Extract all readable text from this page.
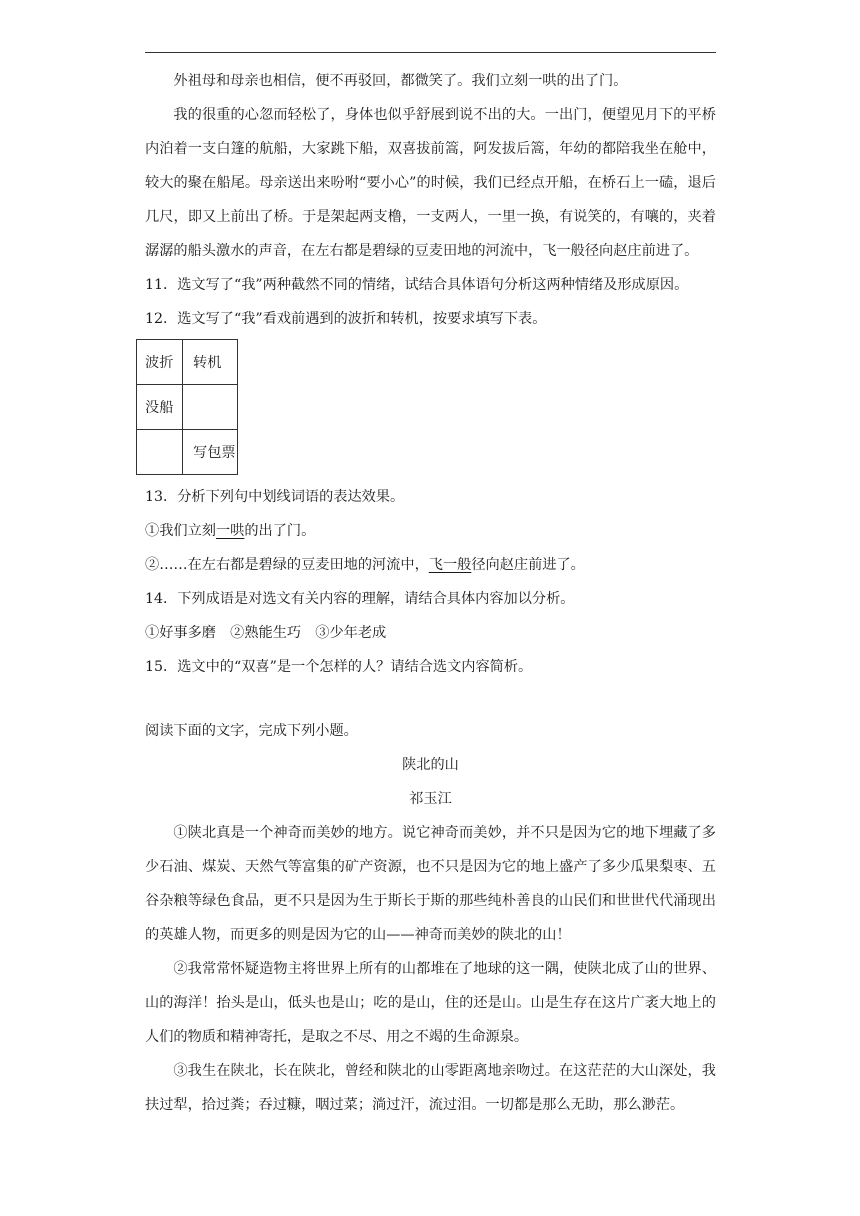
外祖母和母亲也相信，便不再驳回，都微笑了。我们立刻一哄的出了门。

我的很重的心忽而轻松了，身体也似乎舒展到说不出的大。一出门，便望见月下的平桥内泊着一支白篷的航船，大家跳下船，双喜拔前篙，阿发拔后篙，年幼的都陪我坐在舱中，较大的聚在船尾。母亲送出来吩咐“要小心”的时候，我们已经点开船，在桥石上一磕，退后几尺，即又上前出了桥。于是架起两支橹，一支两人，一里一换，有说笑的，有嚷的，夹着潺潺的船头激水的声音，在左右都是碧绿的豆麦田地的河流中，飞一般径向赵庄前进了。

11．选文写了“我”两种截然不同的情绪，试结合具体语句分析这两种情绪及形成原因。

12．选文写了“我”看戏前遇到的波折和转机，按要求填写下表。

波折	转机
没船	
	写包票

13．分析下列句中划线词语的表达效果。

①我们立刻一哄的出了门。

②……在左右都是碧绿的豆麦田地的河流中，飞一般径向赵庄前进了。

14．下列成语是对选文有关内容的理解，请结合具体内容加以分析。

①好事多磨　②熟能生巧　③少年老成

15．选文中的“双喜”是一个怎样的人？请结合选文内容简析。

阅读下面的文字，完成下列小题。

陕北的山

祁玉江

①陕北真是一个神奇而美妙的地方。说它神奇而美妙，并不只是因为它的地下埋藏了多少石油、煤炭、天然气等富集的矿产资源，也不只是因为它的地上盛产了多少瓜果梨枣、五谷杂粮等绿色食品，更不只是因为生于斯长于斯的那些纯朴善良的山民们和世世代代涌现出的英雄人物，而更多的则是因为它的山——神奇而美妙的陕北的山！

②我常常怀疑造物主将世界上所有的山都堆在了地球的这一隅，使陕北成了山的世界、山的海洋！抬头是山，低头也是山；吃的是山，住的还是山。山是生存在这片广袤大地上的人们的物质和精神寄托，是取之不尽、用之不竭的生命源泉。

③我生在陕北，长在陕北，曾经和陕北的山零距离地亲吻过。在这茫茫的大山深处，我扶过犁，拾过粪；吞过糠，咽过菜；淌过汗，流过泪。一切都是那么无助，那么渺茫。
